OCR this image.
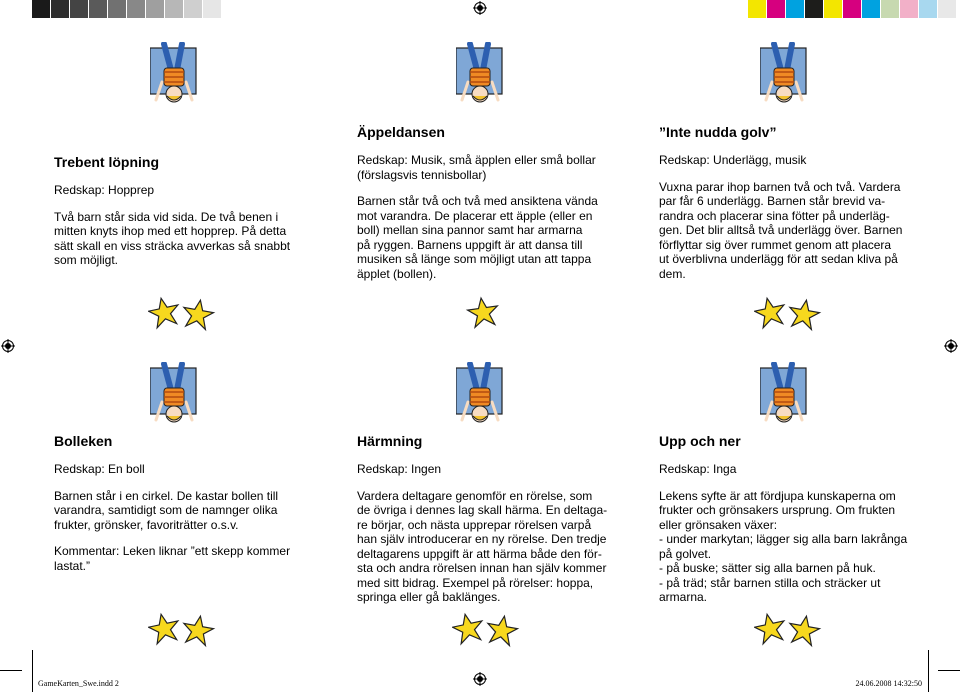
Trebent löpning

Redskap: Hopprep

Två barn står sida vid sida. De två benen i
mitten knyts ihop med ett hopprep. På detta
sätt skall en viss sträcka avverkas så snabbt
som möjligt.

Äppeldansen

Redskap: Musik, små äpplen eller små bollar
(förslagsvis tennisbollar)

Barnen står två och två med ansiktena vända
mot varandra. De placerar ett äpple (eller en
boll) mellan sina pannor samt har armarna
på ryggen. Barnens uppgift är att dansa till
musiken så länge som möjligt utan att tappa
äpplet (bollen).

”Inte nudda golv”

Redskap: Underlägg, musik

Vuxna parar ihop barnen två och två. Vardera
par får 6 underlägg. Barnen står brevid va-
randra och placerar sina fötter på underläg-
gen. Det blir alltså två underlägg över. Barnen
förflyttar sig över rummet genom att placera
ut överblivna underlägg för att sedan kliva på
dem.

Bolleken

Redskap: En boll

Barnen står i en cirkel. De kastar bollen till
varandra, samtidigt som de namnger olika
frukter, grönsker, favoriträtter o.s.v.

Kommentar: Leken liknar ”ett skepp kommer
lastat.”

Härmning

Redskap: Ingen

Vardera deltagare genomför en rörelse, som
de övriga i dennes lag skall härma. En deltaga-
re börjar, och nästa upprepar rörelsen varpå
han själv introducerar en ny rörelse. Den tredje
deltagarens uppgift är att härma både den för-
sta och andra rörelsen innan han själv kommer
med sitt bidrag. Exempel på rörelser: hoppa,
springa eller gå baklänges.

Upp och ner

Redskap: Inga

Lekens syfte är att fördjupa kunskaperna om
frukter och grönsakers ursprung. Om frukten
eller grönsaken växer:
- under markytan; lägger sig alla barn lakrånga
på golvet.
- på buske; sätter sig alla barnen på huk.
- på träd; står barnen stilla och sträcker ut
armarna.

GameKarten_Swe.indd 2	24.06.2008 14:32:50
